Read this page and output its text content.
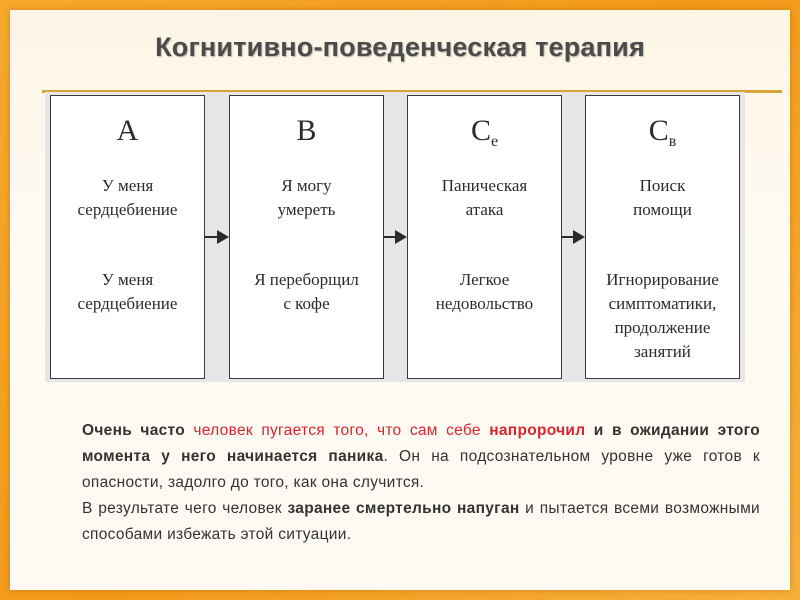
Когнитивно-поведенческая терапия
A
У меня
сердцебиение
У меня
сердцебиение
B
Я могу
умереть
Я переборщил
с кофе
$C_e$
Паническая
атака
Легкое
недовольство
$C_в$
Поиск
помощи
Игнорирование
симптоматики,
продолжение
занятий

Очень часто человек пугается того, что сам себе напророчил и в ожидании этого момента у него начинается паника. Он на подсознательном уровне уже готов к опасности, задолго до того, как она случится.

В результате чего человек заранее смертельно напуган и пытается всеми возможными способами избежать этой ситуации.
